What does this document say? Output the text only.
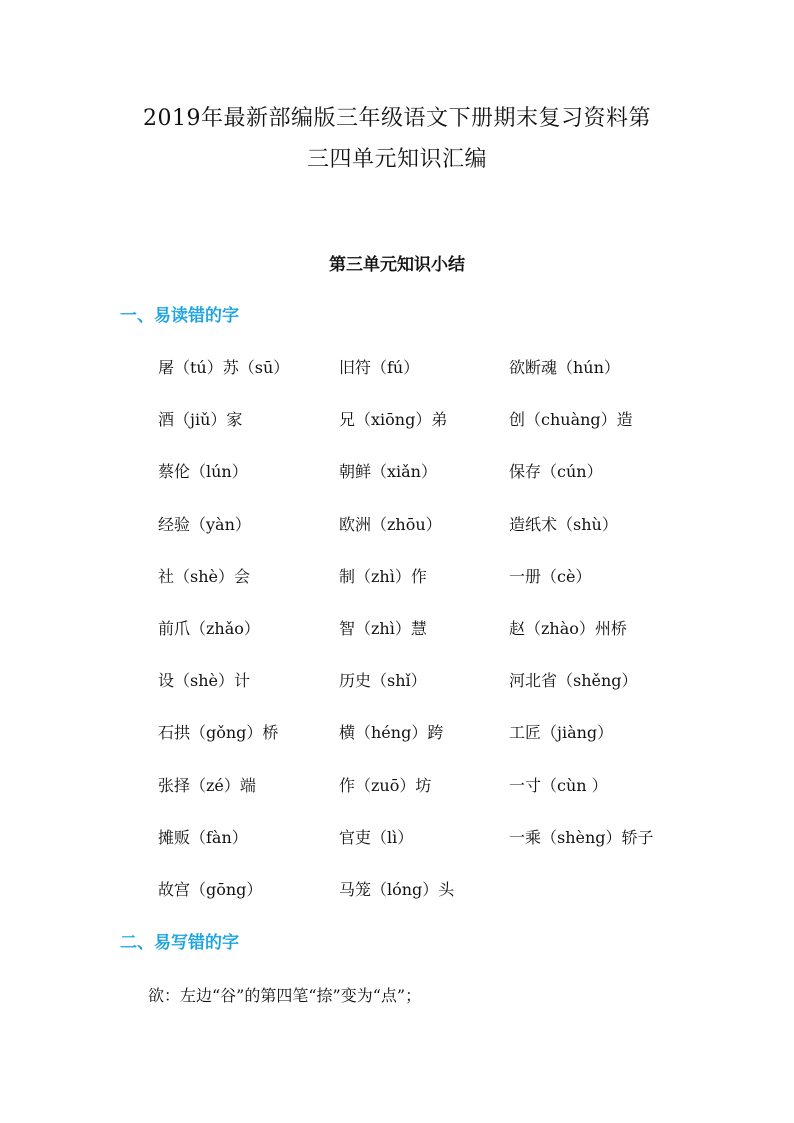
2019年最新部编版三年级语文下册期末复习资料第
三四单元知识汇编
第三单元知识小结
一、易读错的字
屠（tú）苏（sū）	旧符（fú）	欲断魂（hún）
酒（jiǔ）家	兄（xiōng）弟	创（chuàng）造
蔡伦（lún）	朝鲜（xiǎn）	保存（cún）
经验（yàn）	欧洲（zhōu）	造纸术（shù）
社（shè）会	制（zhì）作	一册（cè）
前爪（zhǎo）	智（zhì）慧	赵（zhào）州桥
设（shè）计	历史（shǐ）	河北省（shěng）
石拱（gǒng）桥	横（héng）跨	工匠（jiàng）
张择（zé）端	作（zuō）坊	一寸（cùn ）
摊贩（fàn）	官吏（lì）	一乘（shèng）轿子
故宫（gōng）	马笼（lóng）头
二、易写错的字
欲：左边“谷”的第四笔“捺”变为“点”；
